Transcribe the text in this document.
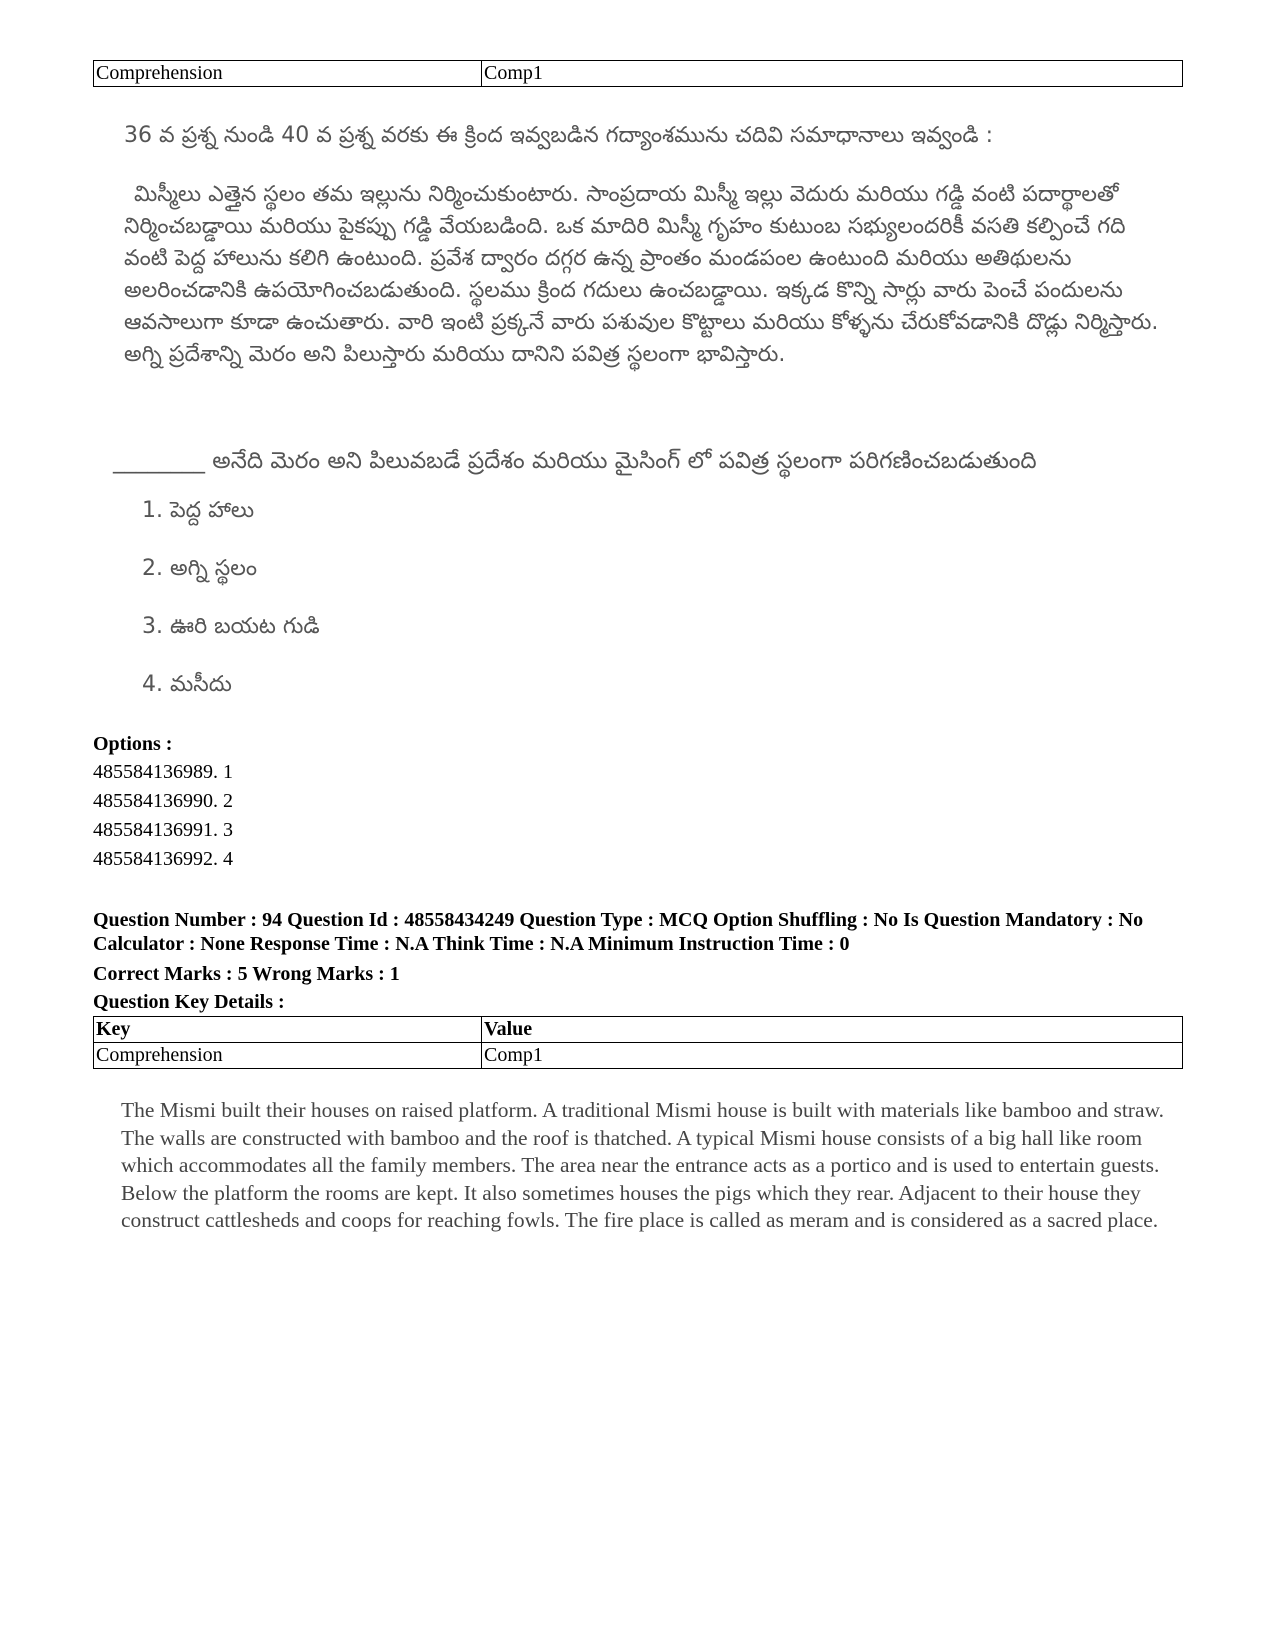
Comprehension	Comp1

36 వ ప్రశ్న నుండి 40 వ ప్రశ్న వరకు ఈ క్రింద ఇవ్వబడిన గద్యాంశమును చదివి సమాధానాలు ఇవ్వండి :

మిస్మీలు ఎత్తైన స్థలం తమ ఇల్లును నిర్మించుకుంటారు. సాంప్రదాయ మిస్మీ ఇల్లు వెదురు మరియు గడ్డి వంటి పదార్థాలతో నిర్మించబడ్డాయి మరియు పైకప్పు గడ్డి వేయబడింది. ఒక మాదిరి మిస్మీ గృహం కుటుంబ సభ్యులందరికీ వసతి కల్పించే గది వంటి పెద్ద హాలును కలిగి ఉంటుంది. ప్రవేశ ద్వారం దగ్గర ఉన్న ప్రాంతం మండపంల ఉంటుంది మరియు అతిథులను అలరించడానికి ఉపయోగించబడుతుంది. స్థలము క్రింద గదులు ఉంచబడ్డాయి. ఇక్కడ కొన్ని సార్లు వారు పెంచే పందులను ఆవసాలుగా కూడా ఉంచుతారు. వారి ఇంటి ప్రక్కనే వారు పశువుల కొట్టాలు మరియు కోళ్ళను చేరుకోవడానికి దొడ్లు నిర్మిస్తారు. అగ్ని ప్రదేశాన్ని మెరం అని పిలుస్తారు మరియు దానిని పవిత్ర స్థలంగా భావిస్తారు.

________ అనేది మెరం అని పిలువబడే ప్రదేశం మరియు మైసింగ్ లో పవిత్ర స్థలంగా పరిగణించబడుతుంది

1. పెద్ద హాలు
2. అగ్ని స్థలం
3. ఊరి బయట గుడి
4. మసీదు
Options :
485584136989. 1
485584136990. 2
485584136991. 3
485584136992. 4
Question Number : 94 Question Id : 48558434249 Question Type : MCQ Option Shuffling : No Is Question Mandatory : No Calculator : None Response Time : N.A Think Time : N.A Minimum Instruction Time : 0
Correct Marks : 5 Wrong Marks : 1
Question Key Details :
Key	Value
Comprehension	Comp1

The Mismi built their houses on raised platform. A traditional Mismi house is built with materials like bamboo and straw. The walls are constructed with bamboo and the roof is thatched. A typical Mismi house consists of a big hall like room which accommodates all the family members. The area near the entrance acts as a portico and is used to entertain guests. Below the platform the rooms are kept. It also sometimes houses the pigs which they rear. Adjacent to their house they construct cattlesheds and coops for reaching fowls. The fire place is called as meram and is considered as a sacred place.
